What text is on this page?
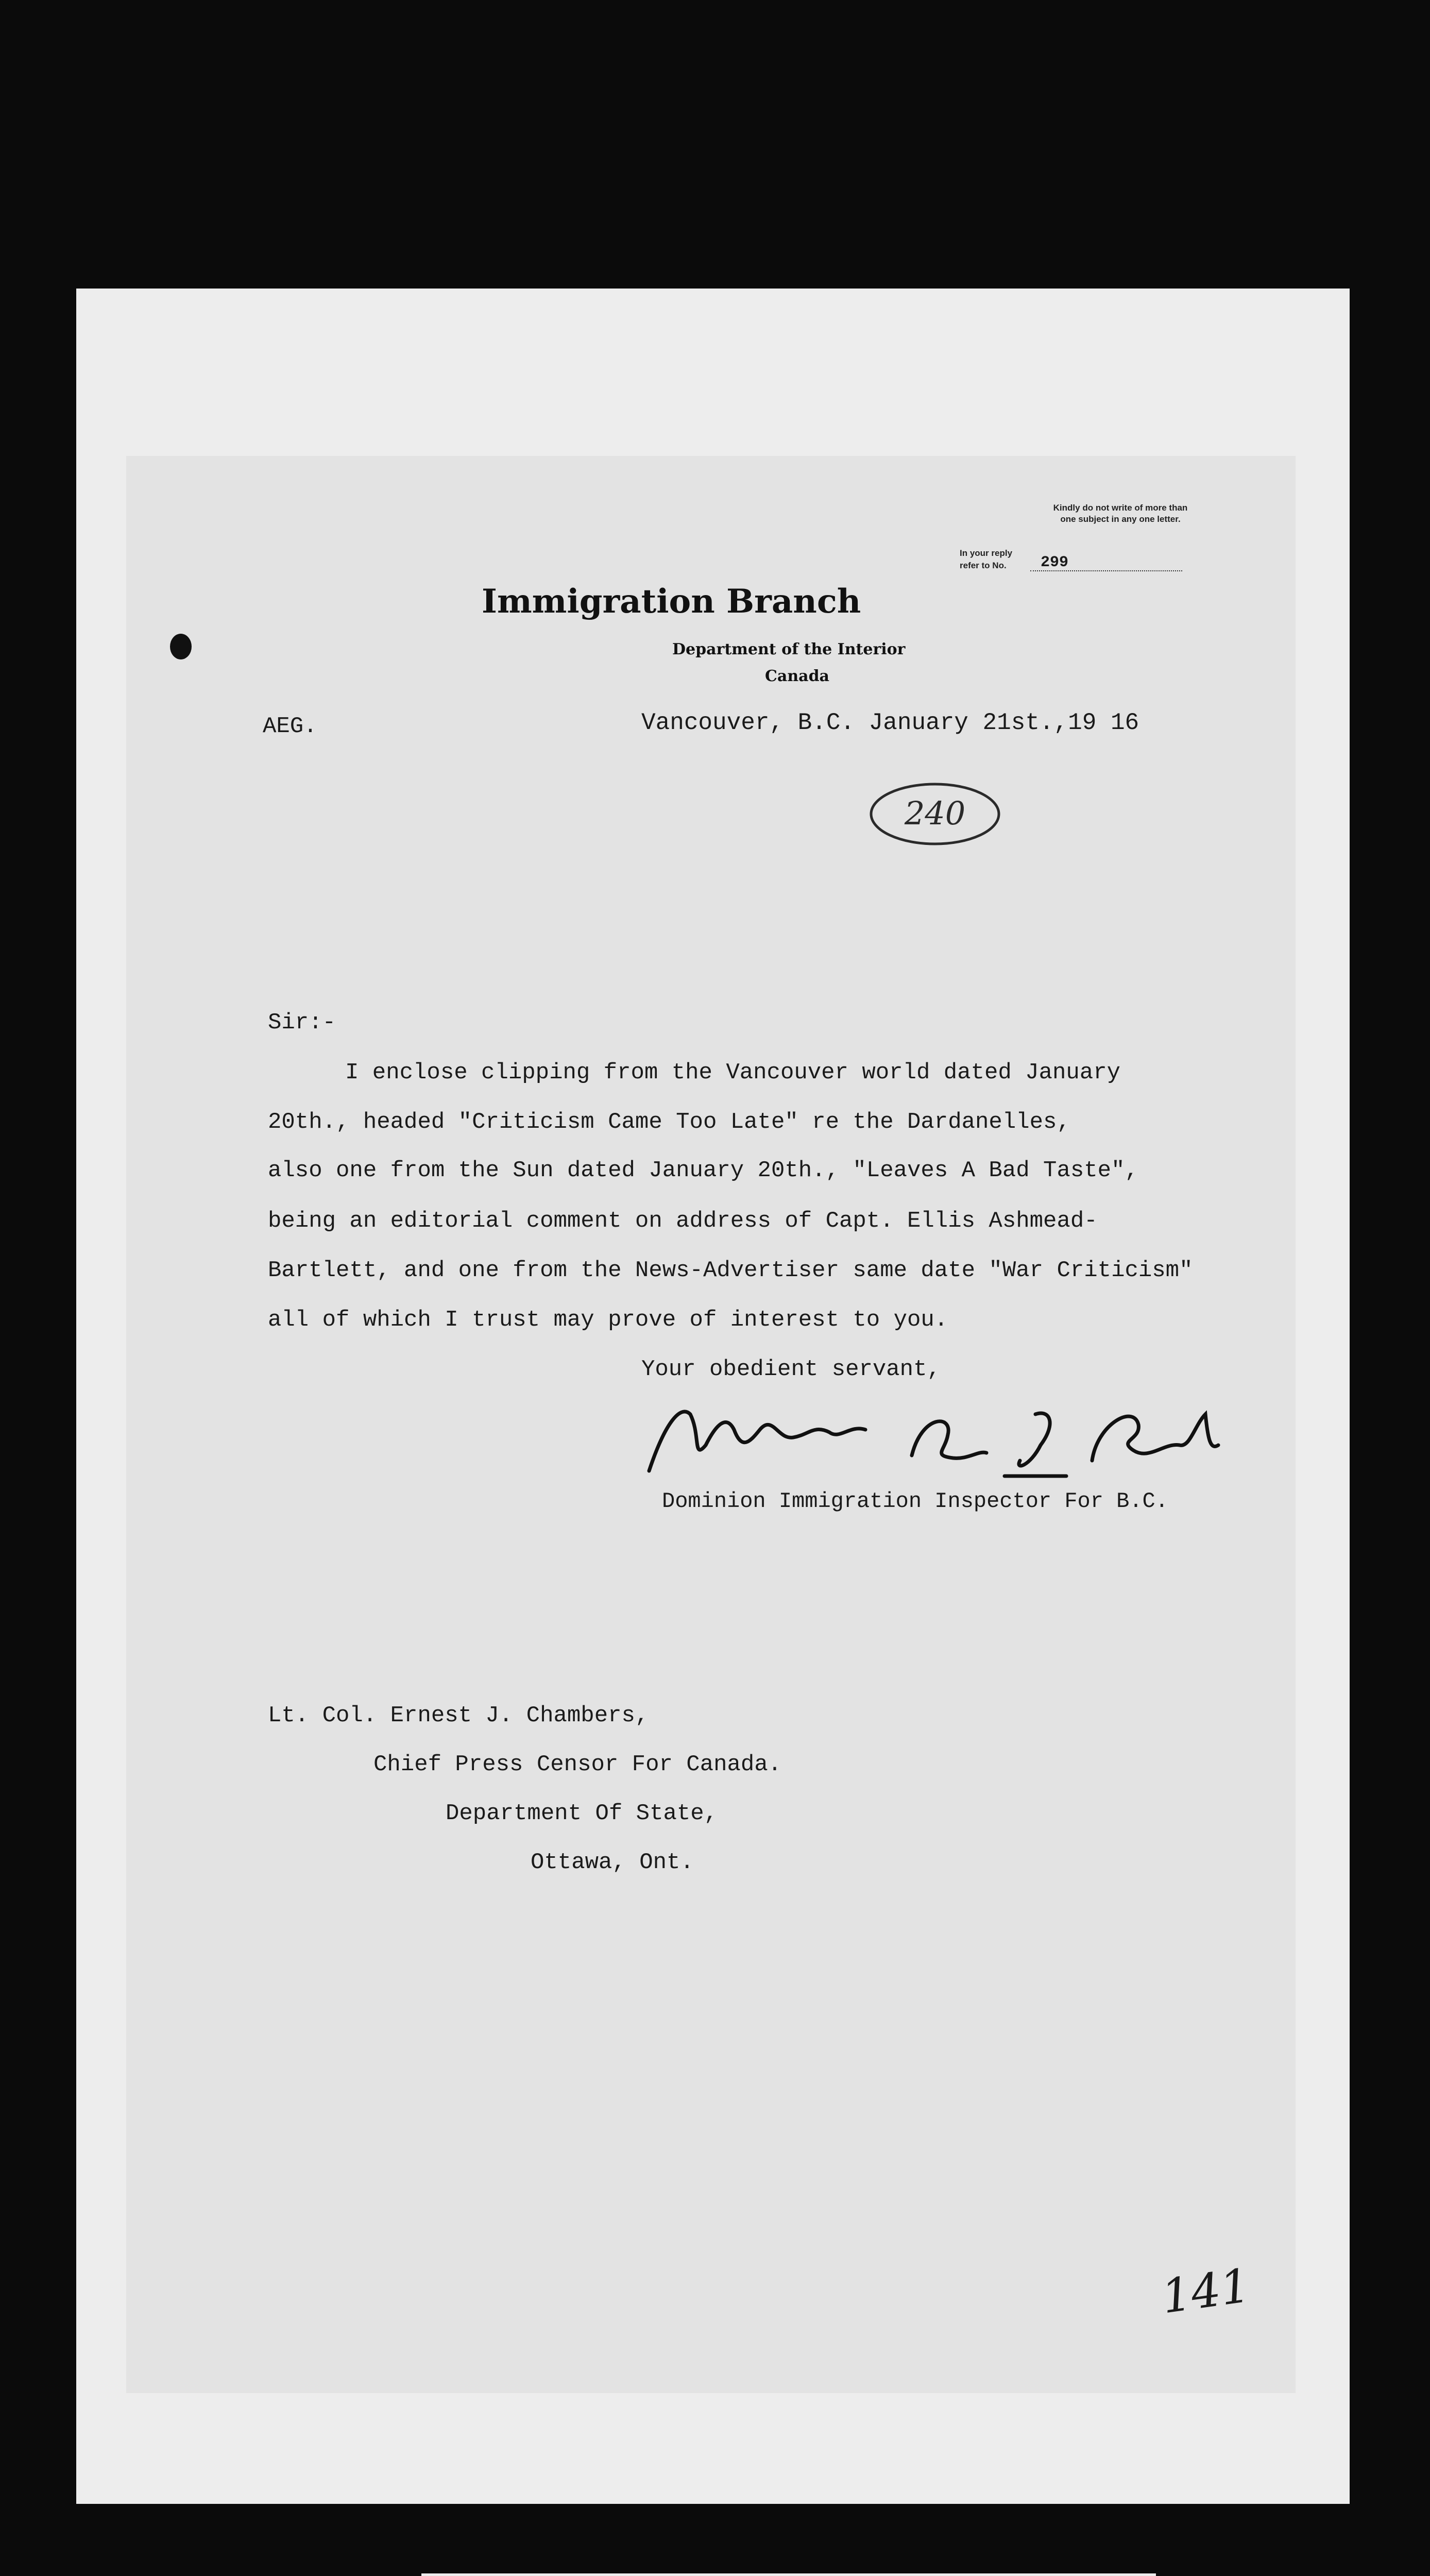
Kindly do not write of more than
one subject in any one letter.
In your reply
refer to No.	299
Immigration Branch
Department of the Interior
Canada
AEG.	Vancouver, B.C. January 21st.,19 16
240
Sir:-
I enclose clipping from the Vancouver world dated January
20th., headed "Criticism Came Too Late" re the Dardanelles,
also one from the Sun dated January 20th., "Leaves A Bad Taste",
being an editorial comment on address of Capt. Ellis Ashmead-
Bartlett, and one from the News-Advertiser same date "War Criticism"
all of which I trust may prove of interest to you.
Your obedient servant,
Dominion Immigration Inspector For B.C.
Lt. Col. Ernest J. Chambers,
Chief Press Censor For Canada.
Department Of State,
Ottawa, Ont.
141
